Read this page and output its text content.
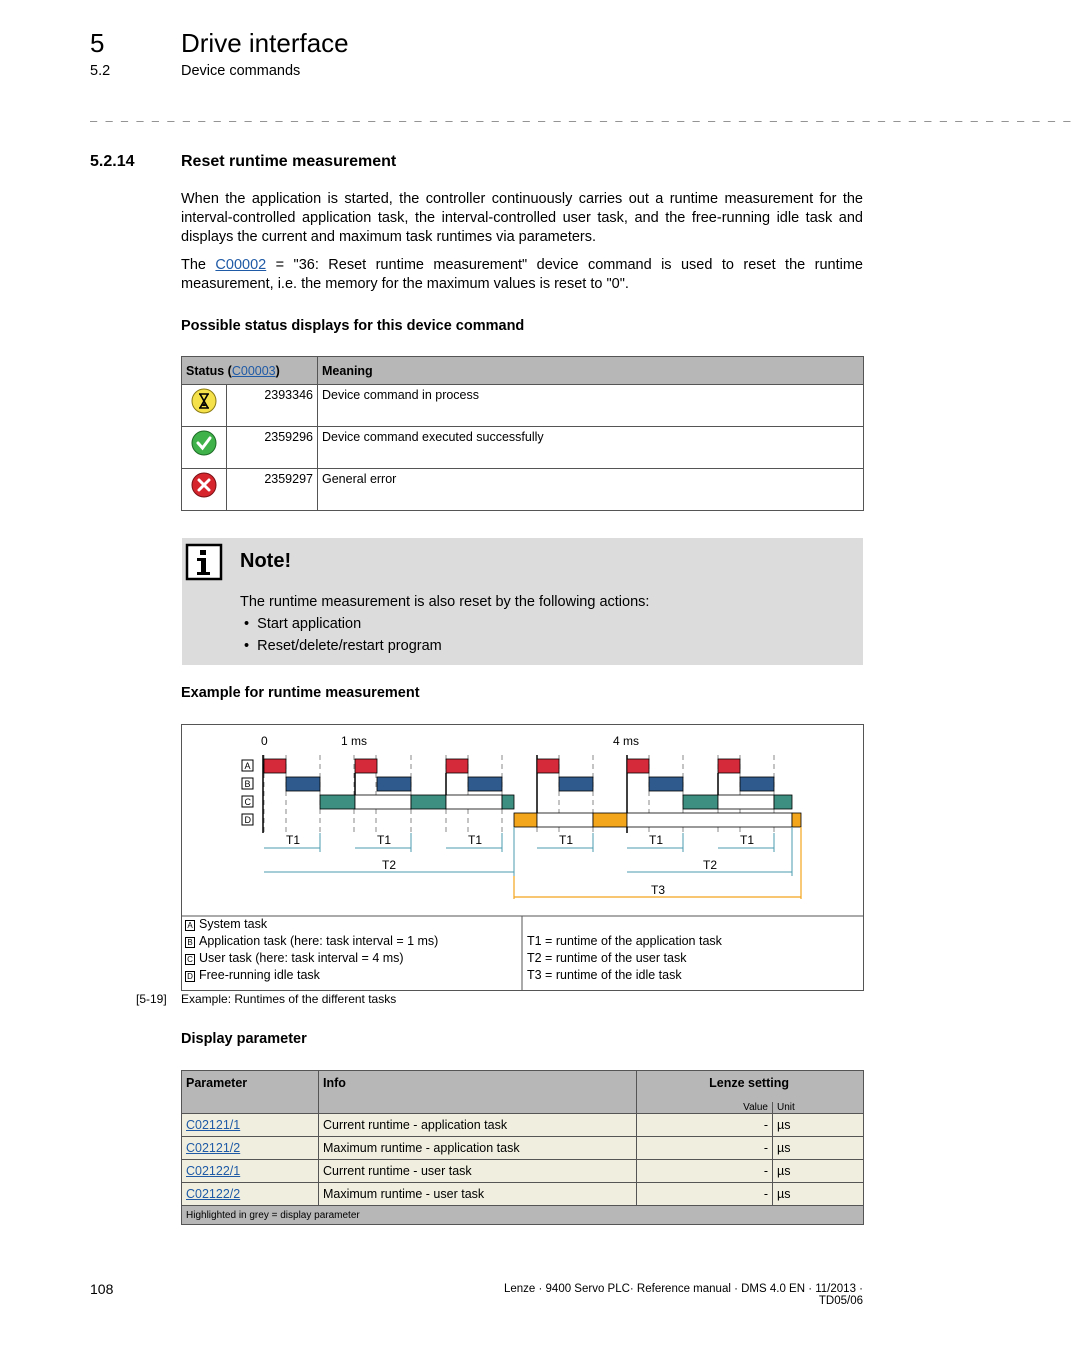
5	Drive interface
5.2	Device commands
_ _ _ _ _ _ _ _ _ _ _ _ _ _ _ _ _ _ _ _ _ _ _ _ _ _ _ _ _ _ _ _ _ _ _ _ _ _ _ _ _ _ _ _ _ _ _ _ _ _ _ _ _ _ _ _ _ _ _ _ _ _ _ _
5.2.14	Reset runtime measurement
When the application is started, the controller continuously carries out a runtime measurement for the interval-controlled application task, the interval-controlled user task, and the free-running idle task and displays the current and maximum task runtimes via parameters.
The C00002 = "36: Reset runtime measurement" device command is used to reset the runtime measurement, i.e. the memory for the maximum values is reset to "0".
Possible status displays for this device command
Status (C00003)		Meaning
	2393346	Device command in process
	2359296	Device command executed successfully
	2359297	General error
Note!
The runtime measurement is also reset by the following actions:
•  Start application
•  Reset/delete/restart program
Example for runtime measurement
0	1 ms	4 ms
A
B
C
D
T1	T1	T1	T1	T1	T1
T2	T2
T3
A System task
B Application task (here: task interval = 1 ms)
C User task (here: task interval = 4 ms)
D Free-running idle task
T1 = runtime of the application task
T2 = runtime of the user task
T3 = runtime of the idle task
[5-19] Example: Runtimes of the different tasks
Display parameter
Parameter	Info	Lenze setting
Value Unit	

C02121/1	Current runtime - application task	-	µs
C02121/2	Maximum runtime - application task	-	µs
C02122/1	Current runtime - user task	-	µs
C02122/2	Maximum runtime - user task	-	µs
Highlighted in grey = display parameter			
108	Lenze · 9400 Servo PLC· Reference manual · DMS 4.0 EN · 11/2013 · TD05/06
